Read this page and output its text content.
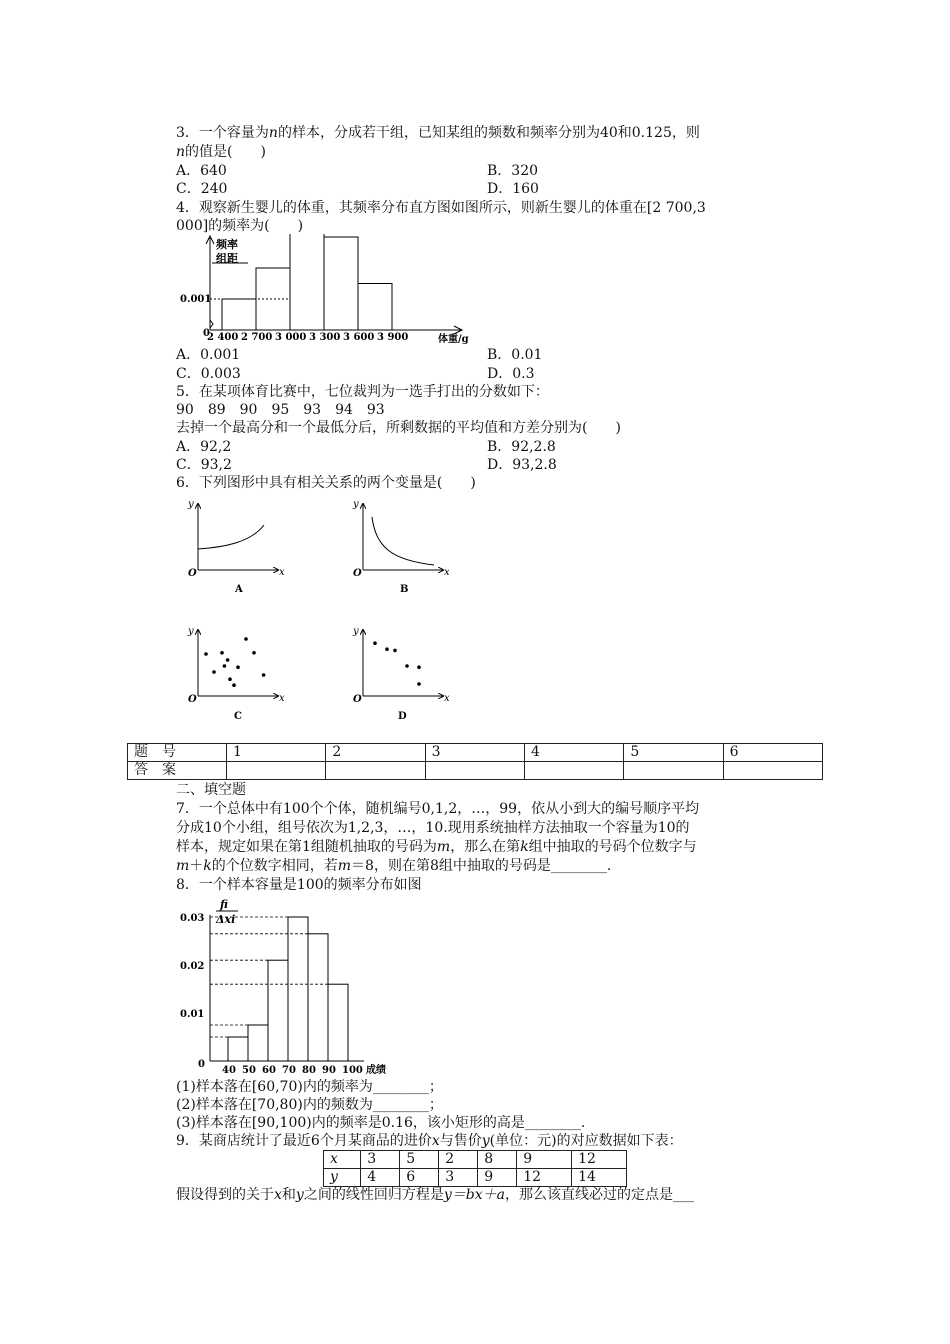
3．一个容量为n的样本，分成若干组，已知某组的频数和频率分别为40和0.125，则
n的值是(　　)
A．640	B．320
C．240	D．160
4．观察新生婴儿的体重，其频率分布直方图如图所示，则新生婴儿的体重在[2 700,3
000]的频率为(　　)
频率
组距
0.001
0
2 400 2 700 3 000 3 300 3 600 3 900	体重/g
A．0.001	B．0.01
C．0.003	D．0.3
5．在某项体育比赛中，七位裁判为一选手打出的分数如下：
90　89　90　95　93　94　93
去掉一个最高分和一个最低分后，所剩数据的平均值和方差分别为(　　)
A．92,2	B．92,2.8
C．93,2	D．93,2.8
6．下列图形中具有相关关系的两个变量是(　　)
y
x
O
A
y
x
O
B
y
x
O
C
y
x
O
D
题　号	1	2	3	4	5	6
答　案						
二、填空题
7．一个总体中有100个个体，随机编号0,1,2，…，99，依从小到大的编号顺序平均
分成10个小组，组号依次为1,2,3，…，10.现用系统抽样方法抽取一个容量为10的
样本，规定如果在第1组随机抽取的号码为m，那么在第k组中抽取的号码个位数字与
m＋k的个位数字相同，若m＝8，则在第8组中抽取的号码是________.
8．一个样本容量是100的频率分布如图
fi
Δxi
0.01
0.02
0.03
40 50 60 70 80 90 100
0
成绩
(1)样本落在[60,70)内的频率为________；
(2)样本落在[70,80)内的频数为________；
(3)样本落在[90,100)内的频率是0.16，该小矩形的高是________.
9．某商店统计了最近6个月某商品的进价x与售价y(单位：元)的对应数据如下表：
x	3	5	2	8	9	12
y	4	6	3	9	12	14
假设得到的关于x和y之间的线性回归方程是y＝bx＋a，那么该直线必过的定点是___
